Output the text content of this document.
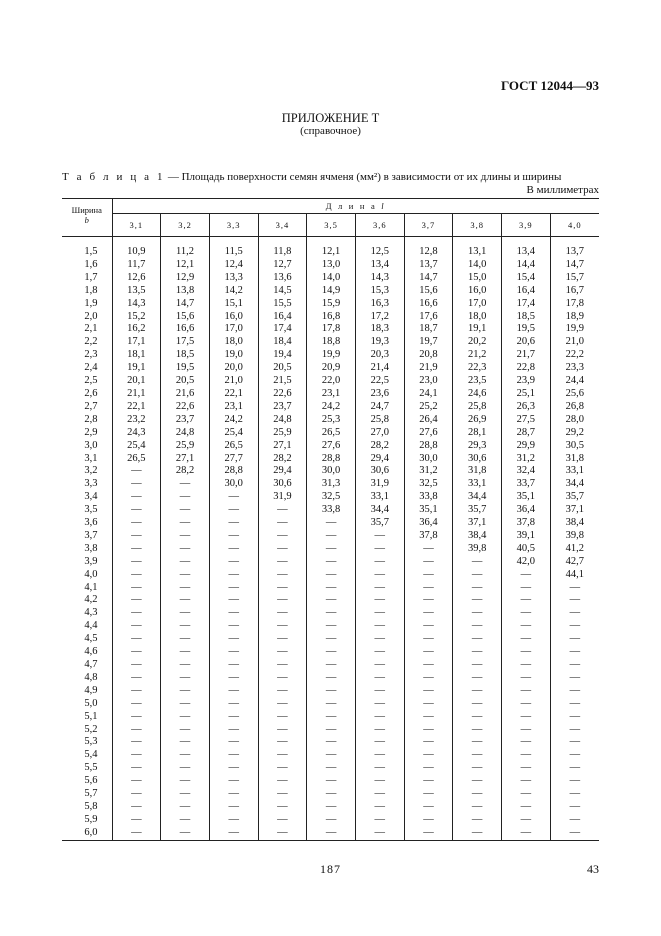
ГОСТ 12044—93
ПРИЛОЖЕНИЕ Т
(справочное)
Т а б л и ц а 1 — Площадь поверхности семян ячменя (мм²) в зависимости от их длины и ширины
В миллиметрах
Ширина
b	Д л и н а l									
	3,1	3,2	3,3	3,4	3,5	3,6	3,7	3,8	3,9	4,0

1,5	10,9	11,2	11,5	11,8	12,1	12,5	12,8	13,1	13,4	13,7
1,6	11,7	12,1	12,4	12,7	13,0	13,4	13,7	14,0	14,4	14,7
1,7	12,6	12,9	13,3	13,6	14,0	14,3	14,7	15,0	15,4	15,7
1,8	13,5	13,8	14,2	14,5	14,9	15,3	15,6	16,0	16,4	16,7
1,9	14,3	14,7	15,1	15,5	15,9	16,3	16,6	17,0	17,4	17,8
2,0	15,2	15,6	16,0	16,4	16,8	17,2	17,6	18,0	18,5	18,9
2,1	16,2	16,6	17,0	17,4	17,8	18,3	18,7	19,1	19,5	19,9
2,2	17,1	17,5	18,0	18,4	18,8	19,3	19,7	20,2	20,6	21,0
2,3	18,1	18,5	19,0	19,4	19,9	20,3	20,8	21,2	21,7	22,2
2,4	19,1	19,5	20,0	20,5	20,9	21,4	21,9	22,3	22,8	23,3
2,5	20,1	20,5	21,0	21,5	22,0	22,5	23,0	23,5	23,9	24,4
2,6	21,1	21,6	22,1	22,6	23,1	23,6	24,1	24,6	25,1	25,6
2,7	22,1	22,6	23,1	23,7	24,2	24,7	25,2	25,8	26,3	26,8
2,8	23,2	23,7	24,2	24,8	25,3	25,8	26,4	26,9	27,5	28,0
2,9	24,3	24,8	25,4	25,9	26,5	27,0	27,6	28,1	28,7	29,2
3,0	25,4	25,9	26,5	27,1	27,6	28,2	28,8	29,3	29,9	30,5
3,1	26,5	27,1	27,7	28,2	28,8	29,4	30,0	30,6	31,2	31,8
3,2	—	28,2	28,8	29,4	30,0	30,6	31,2	31,8	32,4	33,1
3,3	—	—	30,0	30,6	31,3	31,9	32,5	33,1	33,7	34,4
3,4	—	—	—	31,9	32,5	33,1	33,8	34,4	35,1	35,7
3,5	—	—	—	—	33,8	34,4	35,1	35,7	36,4	37,1
3,6	—	—	—	—	—	35,7	36,4	37,1	37,8	38,4
3,7	—	—	—	—	—	—	37,8	38,4	39,1	39,8
3,8	—	—	—	—	—	—	—	39,8	40,5	41,2
3,9	—	—	—	—	—	—	—	—	42,0	42,7
4,0	—	—	—	—	—	—	—	—	—	44,1
4,1	—	—	—	—	—	—	—	—	—	—
4,2	—	—	—	—	—	—	—	—	—	—
4,3	—	—	—	—	—	—	—	—	—	—
4,4	—	—	—	—	—	—	—	—	—	—
4,5	—	—	—	—	—	—	—	—	—	—
4,6	—	—	—	—	—	—	—	—	—	—
4,7	—	—	—	—	—	—	—	—	—	—
4,8	—	—	—	—	—	—	—	—	—	—
4,9	—	—	—	—	—	—	—	—	—	—
5,0	—	—	—	—	—	—	—	—	—	—
5,1	—	—	—	—	—	—	—	—	—	—
5,2	—	—	—	—	—	—	—	—	—	—
5,3	—	—	—	—	—	—	—	—	—	—
5,4	—	—	—	—	—	—	—	—	—	—
5,5	—	—	—	—	—	—	—	—	—	—
5,6	—	—	—	—	—	—	—	—	—	—
5,7	—	—	—	—	—	—	—	—	—	—
5,8	—	—	—	—	—	—	—	—	—	—
5,9	—	—	—	—	—	—	—	—	—	—
6,0	—	—	—	—	—	—	—	—	—	—
187	43
